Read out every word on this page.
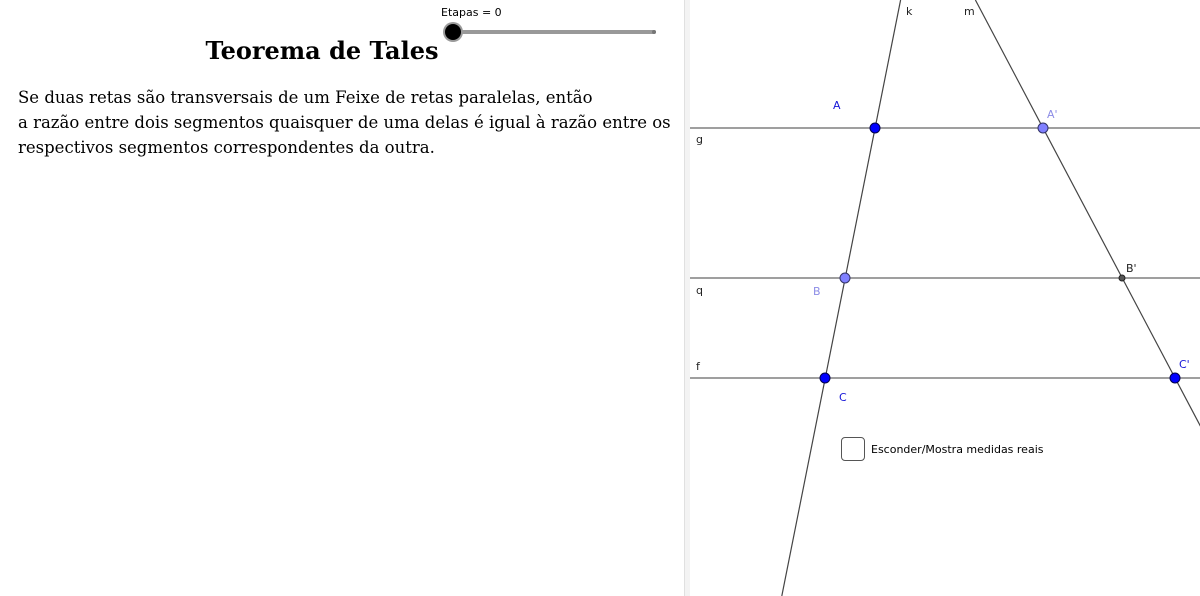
Etapas = 0
Teorema de Tales
Se duas retas são transversais de um Feixe de retas paralelas, então
a razão entre dois segmentos quaisquer de uma delas é igual à razão entre os
respectivos segmentos correspondentes da outra.
k	m
g
q
f
A
A'
B
B'
C
C'
Esconder/Mostra medidas reais
